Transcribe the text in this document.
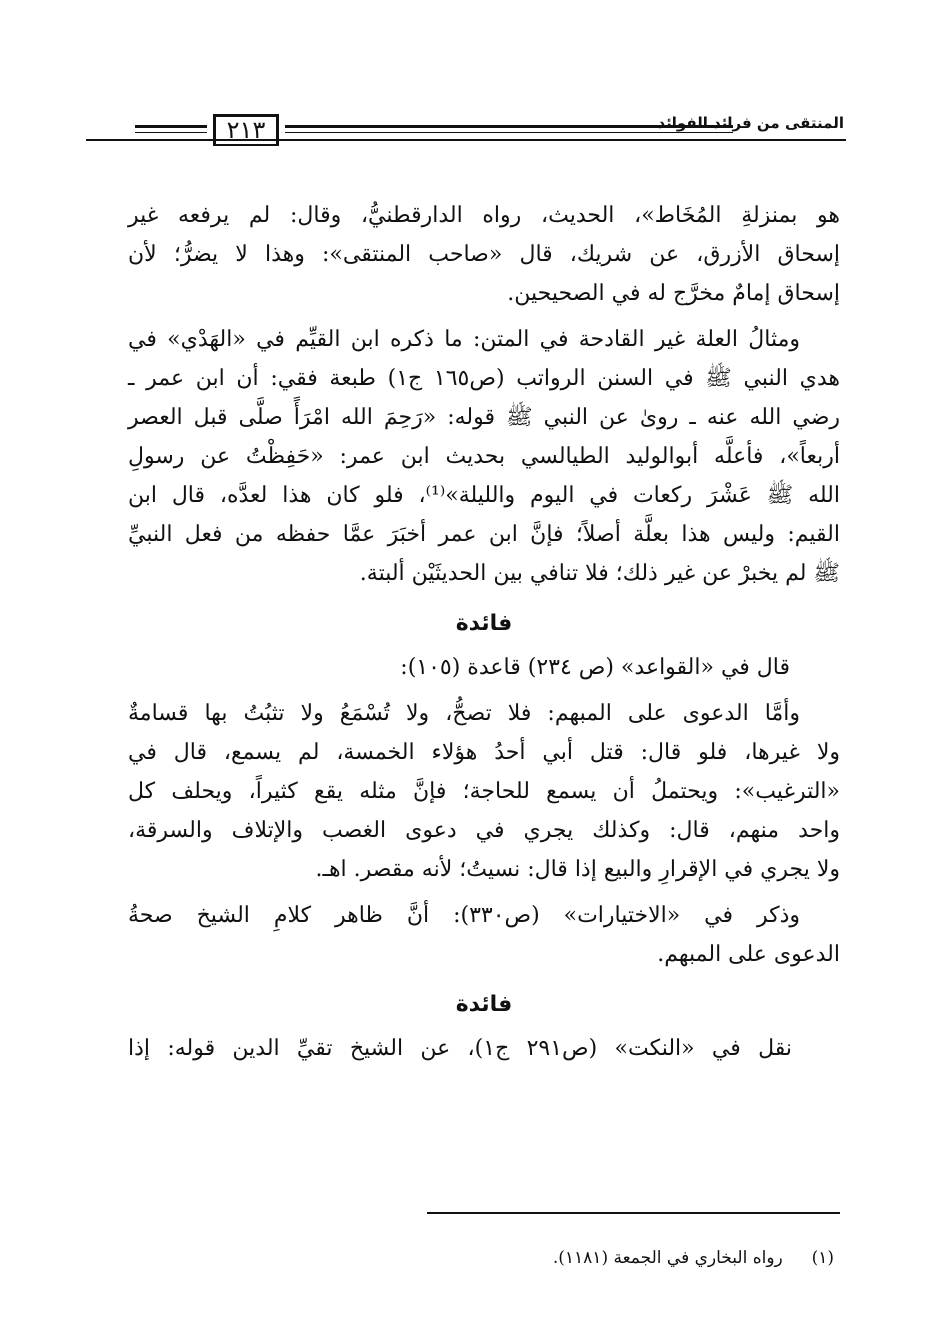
المنتقى من فرائد الفوائد
٢١٣
هو بمنزلةِ المُخَاط»، الحديث، رواه الدارقطنيُّ، وقال: لم يرفعه غير
إسحاق الأزرق، عن شريك، قال «صاحب المنتقى»: وهذا لا يضرُّ؛ لأن
إسحاق إمامٌ مخرَّج له في الصحيحين.
ومثالُ العلة غير القادحة في المتن: ما ذكره ابن القيِّم في «الهَدْي» في
هدي النبي ﷺ في السنن الرواتب (ص١٦٥ ج١) طبعة فقي: أن ابن عمر ـ
رضي الله عنه ـ روىٰ عن النبي ﷺ قوله: «رَحِمَ الله امْرَأً صلَّى قبل العصر
أربعاً»، فأعلَّه أبوالوليد الطيالسي بحديث ابن عمر: «حَفِظْتُ عن رسولِ
الله ﷺ عَشْرَ ركعات في اليوم والليلة»⁽¹⁾، فلو كان هذا لعدَّه، قال ابن
القيم: وليس هذا بعلَّة أصلاً؛ فإنَّ ابن عمر أخبَرَ عمَّا حفظه من فعل النبيِّ
ﷺ لم يخبرْ عن غير ذلك؛ فلا تنافي بين الحديثَيْن ألبتة.
فائدة
قال في «القواعد» (ص ٢٣٤) قاعدة (١٠٥):
وأمَّا الدعوى على المبهم: فلا تصحُّ، ولا تُسْمَعُ ولا تثبُتُ بها قسامةٌ
ولا غيرها، فلو قال: قتل أبي أحدُ هؤلاء الخمسة، لم يسمع، قال في
«الترغيب»: ويحتملُ أن يسمع للحاجة؛ فإنَّ مثله يقع كثيراً، ويحلف كل
واحد منهم، قال: وكذلك يجري في دعوى الغصب والإتلاف والسرقة،
ولا يجري في الإقرارِ والبيع إذا قال: نسيتُ؛ لأنه مقصر. اهـ.
وذكر في «الاختيارات» (ص٣٣٠): أنَّ ظاهر كلامِ الشيخ صحةُ
الدعوى على المبهم.
فائدة
نقل في «النكت» (ص٢٩١ ج١)، عن الشيخ تقيِّ الدين قوله: إذا
(١)  رواه البخاري في الجمعة (١١٨١).
